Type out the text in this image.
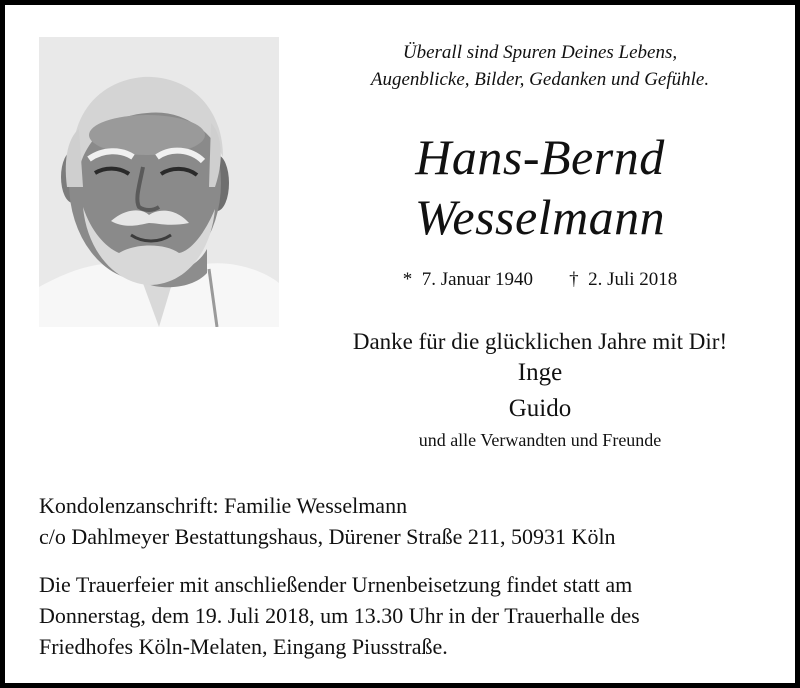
Überall sind Spuren Deines Lebens,
Augenblicke, Bilder, Gedanken und Gefühle.
Hans-Bernd
Wesselmann
*  7. Januar 1940 †  2. Juli 2018
Danke für die glücklichen Jahre mit Dir!
Inge
Guido
und alle Verwandten und Freunde
Kondolenzanschrift: Familie Wesselmann
c/o Dahlmeyer Bestattungshaus, Dürener Straße 211, 50931 Köln
Die Trauerfeier mit anschließender Urnenbeisetzung findet statt am
Donnerstag, dem 19. Juli 2018, um 13.30 Uhr in der Trauerhalle des
Friedhofes Köln-Melaten, Eingang Piusstraße.
